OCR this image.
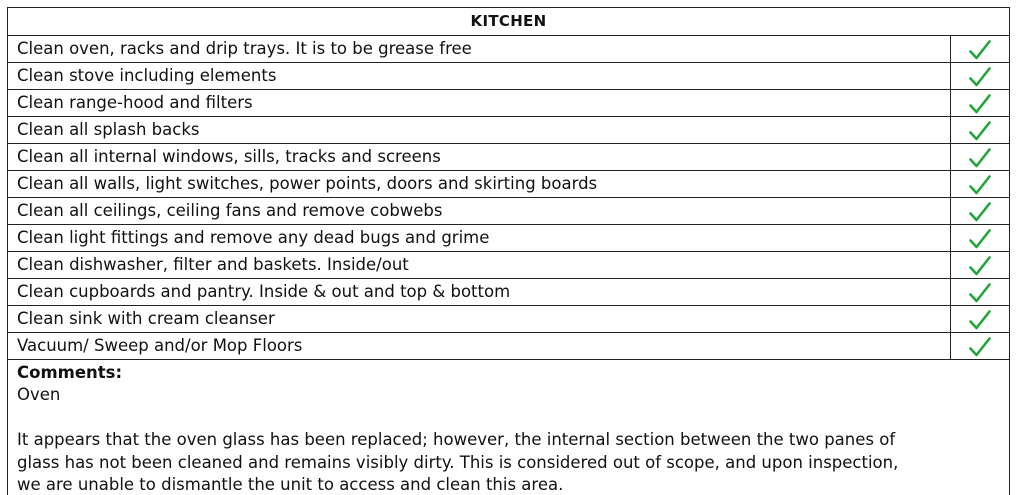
KITCHEN	
Clean oven, racks and drip trays. It is to be grease free	

Clean stove including elements	

Clean range-hood and filters	

Clean all splash backs	

Clean all internal windows, sills, tracks and screens	

Clean all walls, light switches, power points, doors and skirting boards	

Clean all ceilings, ceiling fans and remove cobwebs	

Clean light fittings and remove any dead bugs and grime	

Clean dishwasher, filter and baskets. Inside/out	

Clean cupboards and pantry. Inside & out and top & bottom	

Clean sink with cream cleanser	

Vacuum/ Sweep and/or Mop Floors	
Comments:
Oven
It appears that the oven glass has been replaced; however, the internal section between the two panes of
glass has not been cleaned and remains visibly dirty. This is considered out of scope, and upon inspection,
we are unable to dismantle the unit to access and clean this area.
